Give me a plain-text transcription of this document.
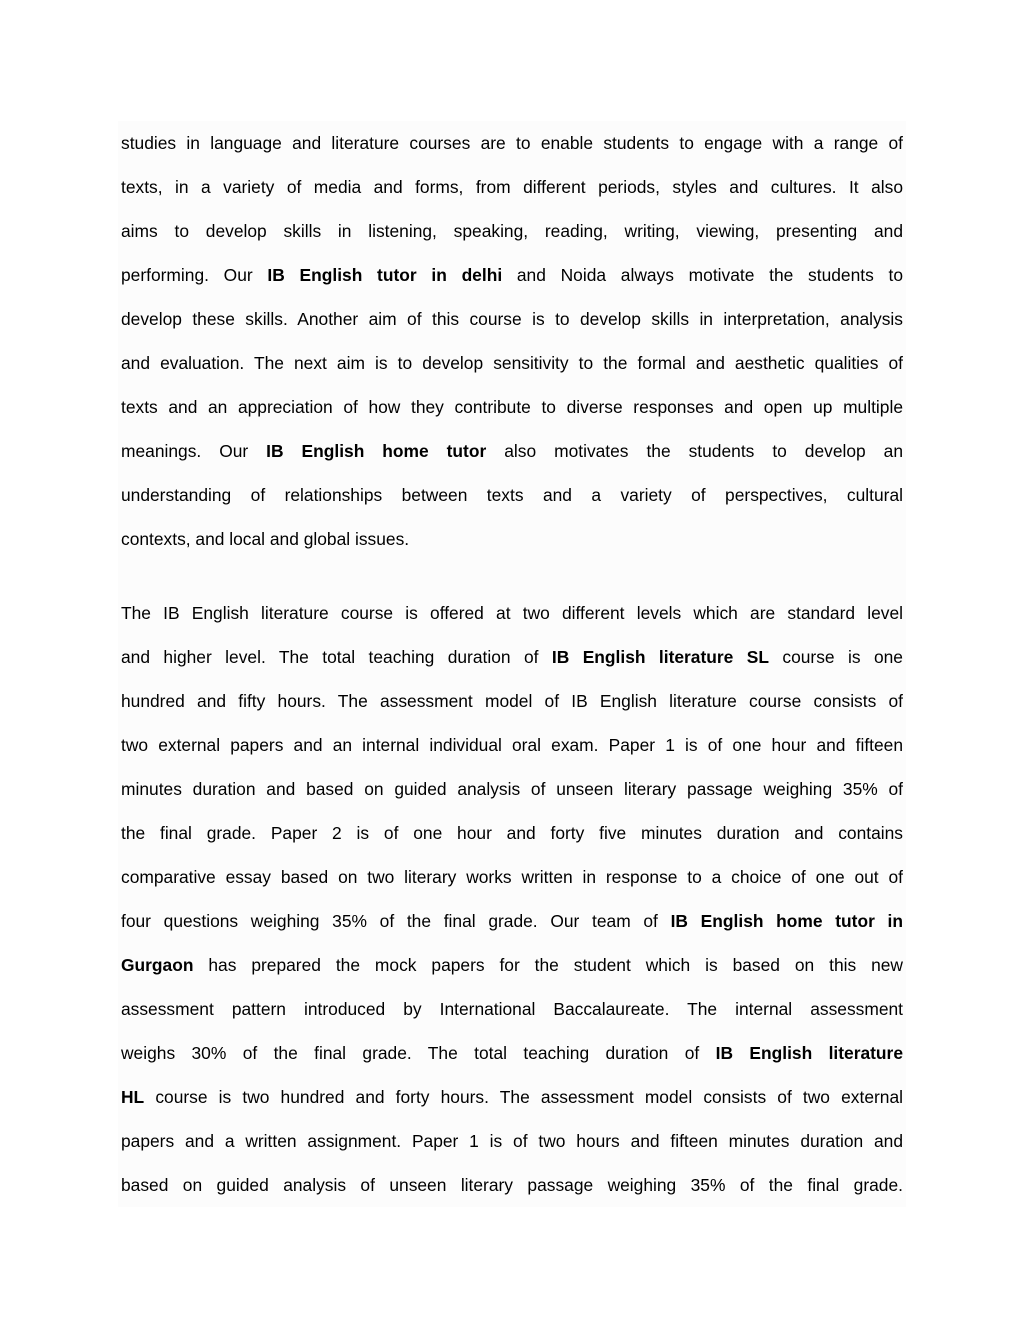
studies in language and literature courses are to enable students to engage with a range of
texts, in a variety of media and forms, from different periods, styles and cultures. It also
aims to develop skills in listening, speaking, reading, writing, viewing, presenting and
performing. Our IB English tutor in delhi and Noida always motivate the students to
develop these skills. Another aim of this course is to develop skills in interpretation, analysis
and evaluation. The next aim is to develop sensitivity to the formal and aesthetic qualities of
texts and an appreciation of how they contribute to diverse responses and open up multiple
meanings. Our IB English home tutor also motivates the students to develop an
understanding of relationships between texts and a variety of perspectives, cultural
contexts, and local and global issues.
The IB English literature course is offered at two different levels which are standard level
and higher level. The total teaching duration of IB English literature SL course is one
hundred and fifty hours. The assessment model of IB English literature course consists of
two external papers and an internal individual oral exam. Paper 1 is of one hour and fifteen
minutes duration and based on guided analysis of unseen literary passage weighing 35% of
the final grade. Paper 2 is of one hour and forty five minutes duration and contains
comparative essay based on two literary works written in response to a choice of one out of
four questions weighing 35% of the final grade. Our team of IB English home tutor in
Gurgaon has prepared the mock papers for the student which is based on this new
assessment pattern introduced by International Baccalaureate. The internal assessment
weighs 30% of the final grade. The total teaching duration of IB English literature
HL course is two hundred and forty hours. The assessment model consists of two external
papers and a written assignment. Paper 1 is of two hours and fifteen minutes duration and
based on guided analysis of unseen literary passage weighing 35% of the final grade.
